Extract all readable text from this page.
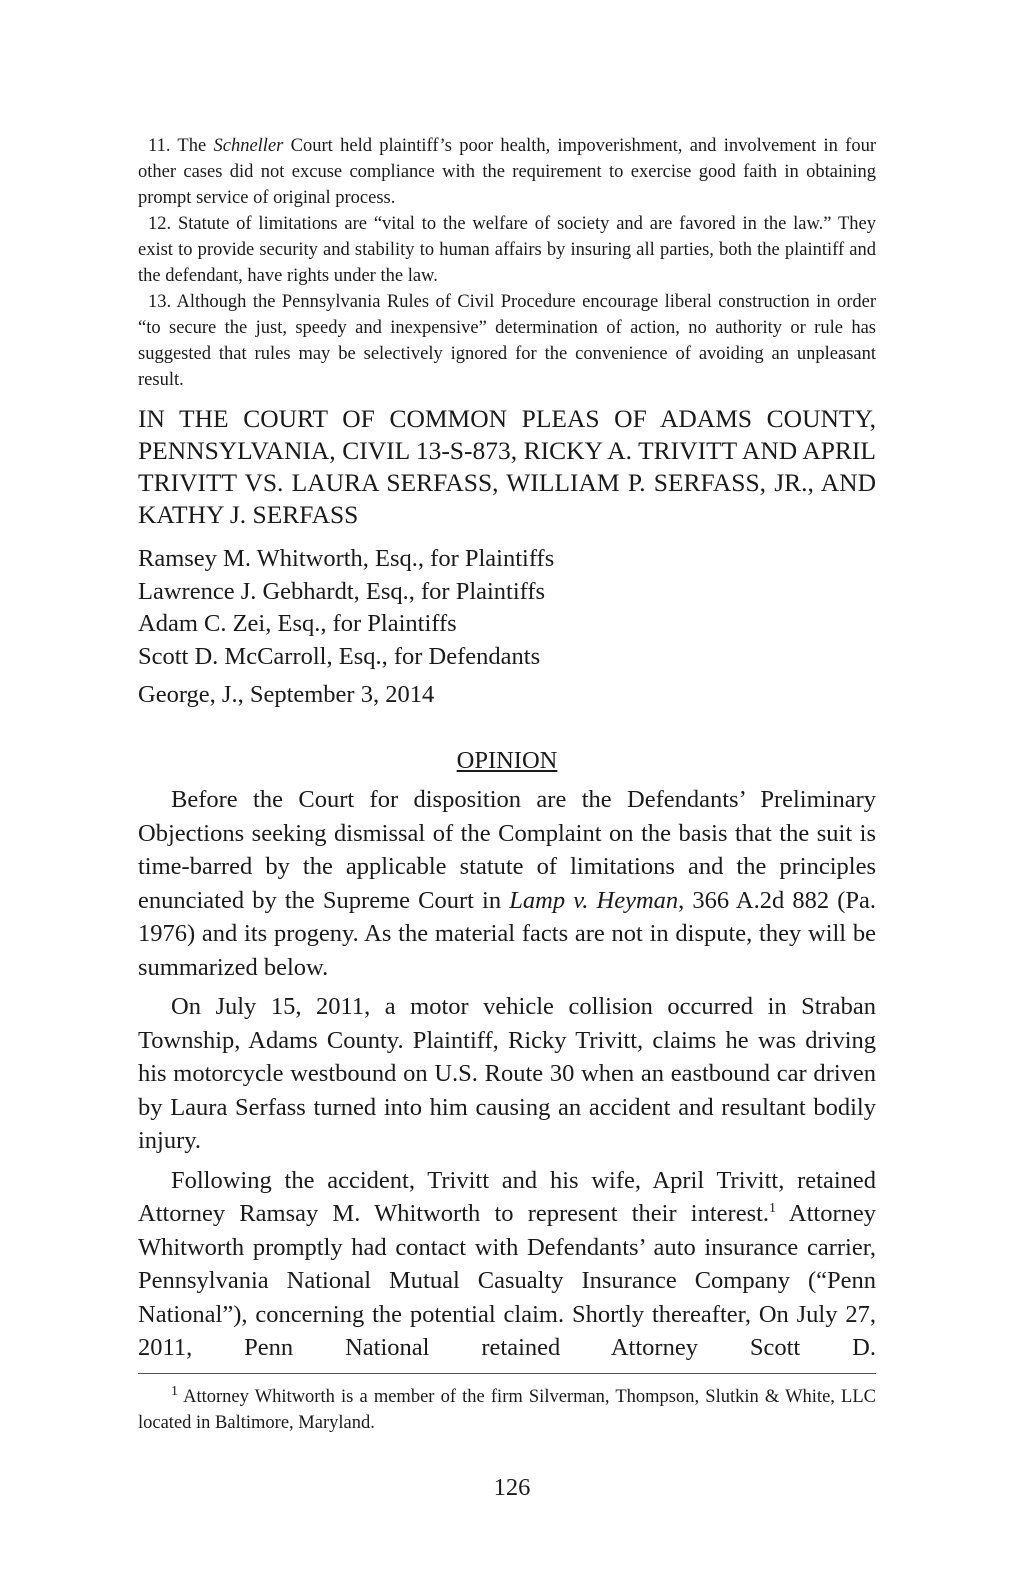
11. The Schneller Court held plaintiff’s poor health, impoverishment, and involvement in four other cases did not excuse compliance with the requirement to exercise good faith in obtaining prompt service of original process.

12. Statute of limitations are “vital to the welfare of society and are favored in the law.” They exist to provide security and stability to human affairs by insuring all parties, both the plaintiff and the defendant, have rights under the law.

13. Although the Pennsylvania Rules of Civil Procedure encourage liberal construction in order “to secure the just, speedy and inexpensive” determination of action, no authority or rule has suggested that rules may be selectively ignored for the convenience of avoiding an unpleasant result.

IN THE COURT OF COMMON PLEAS OF ADAMS COUNTY, PENNSYLVANIA, CIVIL 13-S-873, RICKY A. TRIVITT AND APRIL TRIVITT VS. LAURA SERFASS, WILLIAM P. SERFASS, JR., AND KATHY J. SERFASS
Ramsey M. Whitworth, Esq., for Plaintiffs
Lawrence J. Gebhardt, Esq., for Plaintiffs
Adam C. Zei, Esq., for Plaintiffs
Scott D. McCarroll, Esq., for Defendants
George, J., September 3, 2014
OPINION

Before the Court for disposition are the Defendants’ Preliminary Objections seeking dismissal of the Complaint on the basis that the suit is time-barred by the applicable statute of limitations and the principles enunciated by the Supreme Court in Lamp v. Heyman, 366 A.2d 882 (Pa. 1976) and its progeny. As the material facts are not in dispute, they will be summarized below.

On July 15, 2011, a motor vehicle collision occurred in Straban Township, Adams County. Plaintiff, Ricky Trivitt, claims he was driving his motorcycle westbound on U.S. Route 30 when an eastbound car driven by Laura Serfass turned into him causing an accident and resultant bodily injury.

Following the accident, Trivitt and his wife, April Trivitt, retained Attorney Ramsay M. Whitworth to represent their interest.$^1$ Attorney Whitworth promptly had contact with Defendants’ auto insurance carrier, Pennsylvania National Mutual Casualty Insurance Company (“Penn National”), concerning the potential claim. Shortly thereafter, On July 27, 2011, Penn National retained Attorney Scott D.

$^1$ Attorney Whitworth is a member of the firm Silverman, Thompson, Slutkin & White, LLC located in Baltimore, Maryland.

126
